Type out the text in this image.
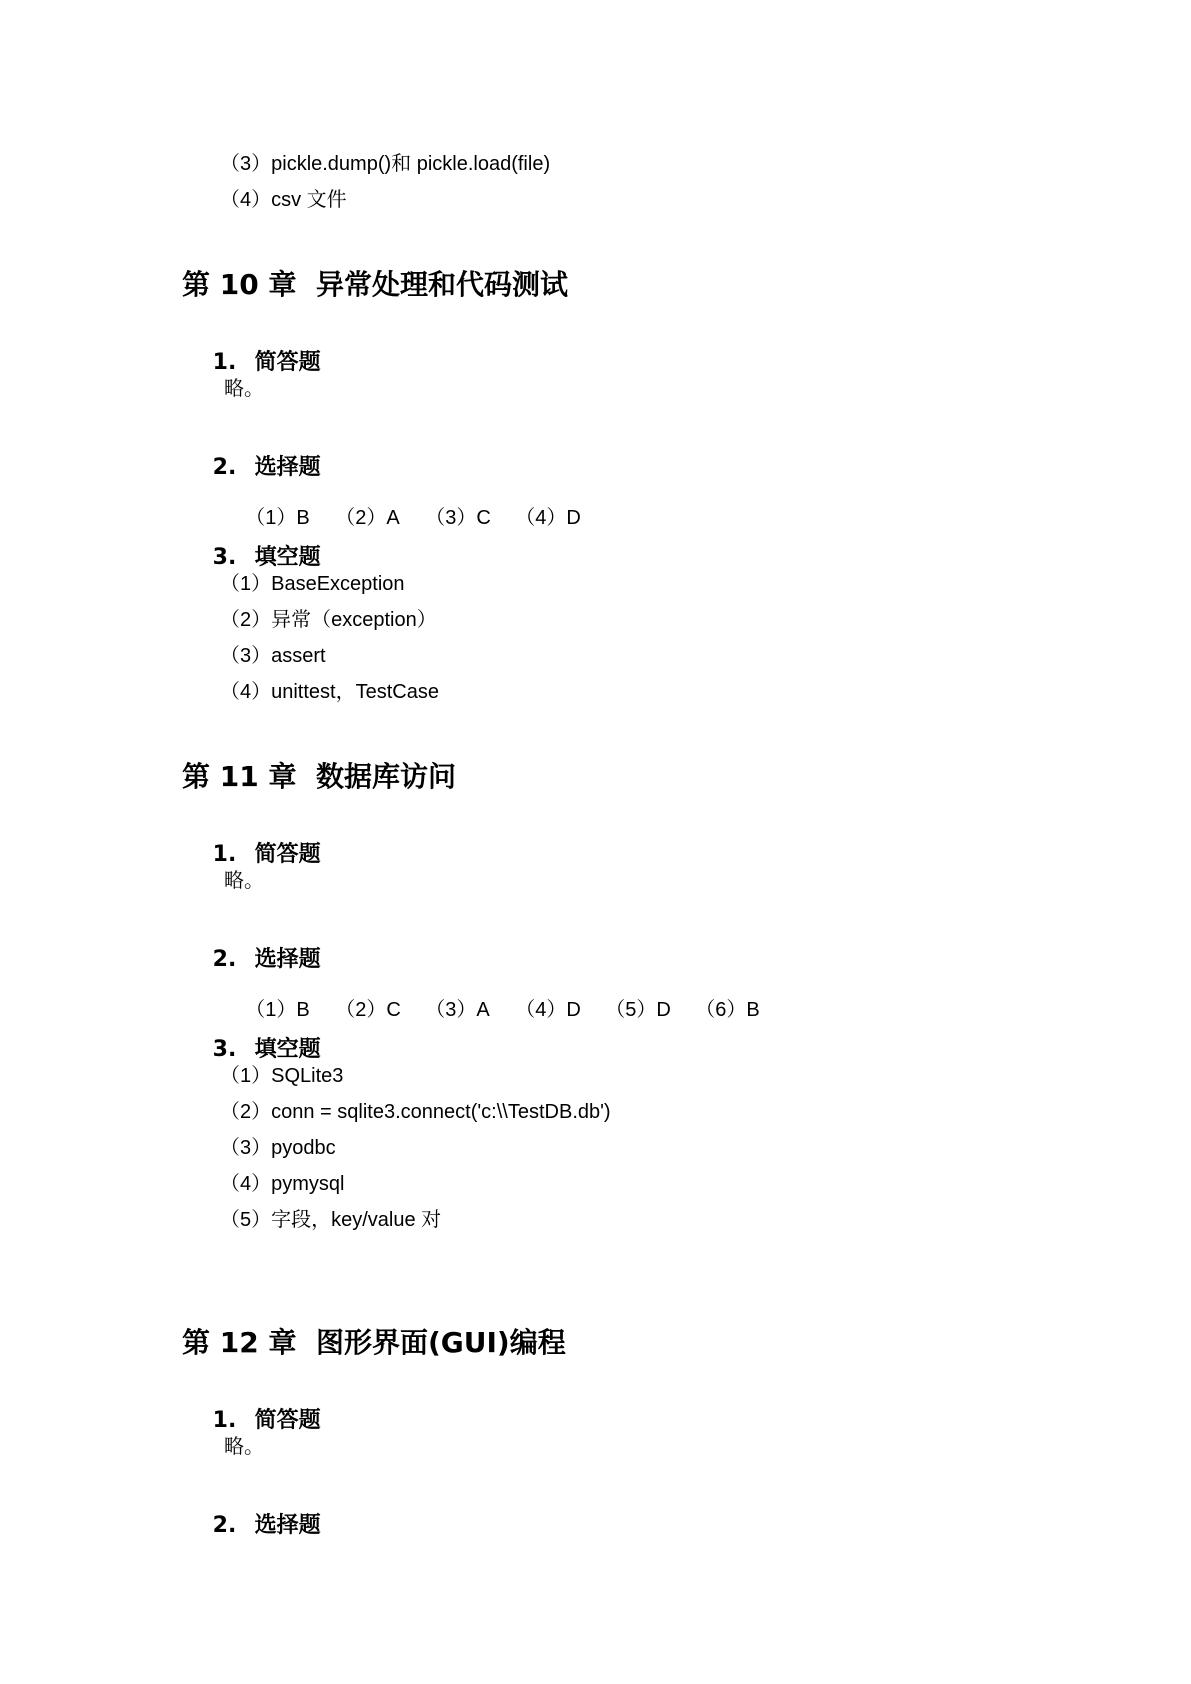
（3）pickle.dump()和 pickle.load(file)
（4）csv 文件
第 10 章  异常处理和代码测试

1. 简答题

略。

2. 选择题

（1）B （2）A （3）C （4）D

3. 填空题

（1）BaseException
（2）异常（exception）
（3）assert
（4）unittest，TestCase
第 11 章  数据库访问

1. 简答题

略。

2. 选择题

（1）B （2）C （3）A （4）D （5）D （6）B

3. 填空题

（1）SQLite3
（2）conn = sqlite3.connect('c:\\TestDB.db')
（3）pyodbc
（4）pymysql
（5）字段，key/value 对
第 12 章  图形界面(GUI)编程

1. 简答题

略。

2. 选择题
